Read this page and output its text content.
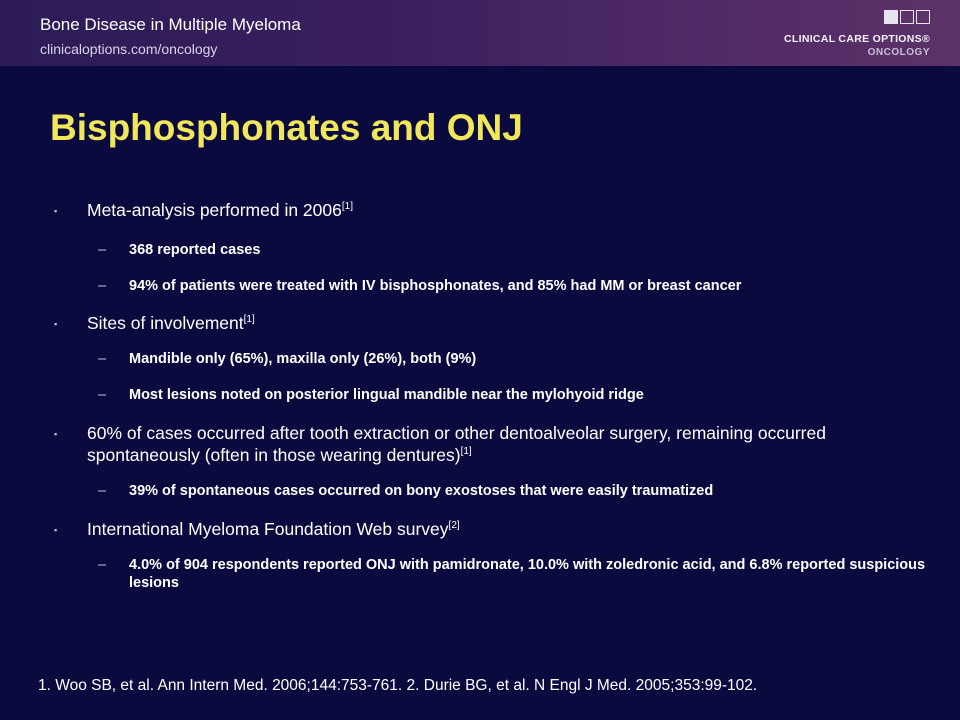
Bone Disease in Multiple Myeloma
clinicaloptions.com/oncology
CLINICAL CARE OPTIONS®
ONCOLOGY
Bisphosphonates and ONJ
▪ Meta-analysis performed in 2006[1]
– 368 reported cases
– 94% of patients were treated with IV bisphosphonates, and 85% had MM or breast cancer
▪ Sites of involvement[1]
– Mandible only (65%), maxilla only (26%), both (9%)
– Most lesions noted on posterior lingual mandible near the mylohyoid ridge
▪ 60% of cases occurred after tooth extraction or other dentoalveolar surgery, remaining occurred spontaneously (often in those wearing dentures)[1]
– 39% of spontaneous cases occurred on bony exostoses that were easily traumatized
▪ International Myeloma Foundation Web survey[2]
– 4.0% of 904 respondents reported ONJ with pamidronate, 10.0% with zoledronic acid, and 6.8% reported suspicious lesions
1. Woo SB, et al. Ann Intern Med. 2006;144:753-761. 2. Durie BG, et al. N Engl J Med. 2005;353:99-102.
